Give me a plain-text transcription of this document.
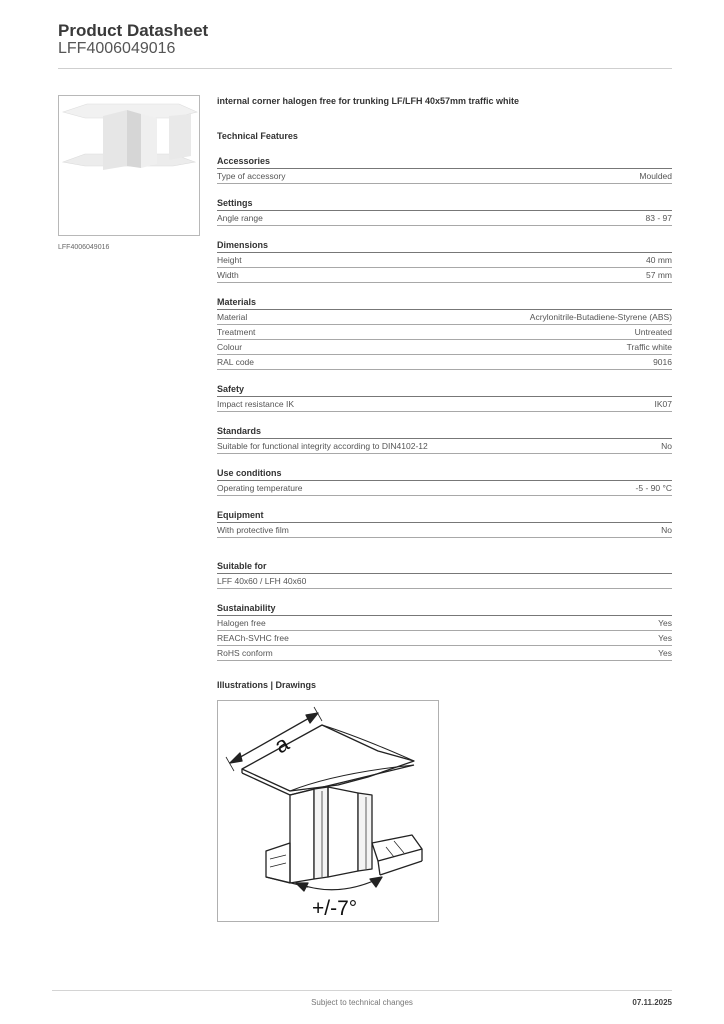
Product Datasheet
LFF4006049016
LFF4006049016

internal corner halogen free for trunking LF/LFH 40x57mm traffic white

Technical Features

Accessories
Type of accessory	Moulded
Settings
Angle range	83 - 97
Dimensions
Height	40 mm
Width	57 mm
Materials
Material	Acrylonitrile-Butadiene-Styrene (ABS)
Treatment	Untreated
Colour	Traffic white
RAL code	9016
Safety
Impact resistance IK	IK07
Standards
Suitable for functional integrity according to DIN4102-12	No
Use conditions
Operating temperature	-5 - 90 °C
Equipment
With protective film	No
Suitable for
LFF 40x60 / LFH 40x60
Sustainability
Halogen free	Yes
REACh-SVHC free	Yes
RoHS conform	Yes
Illustrations | Drawings
a
+/-7°
Subject to technical changes	07.11.2025
